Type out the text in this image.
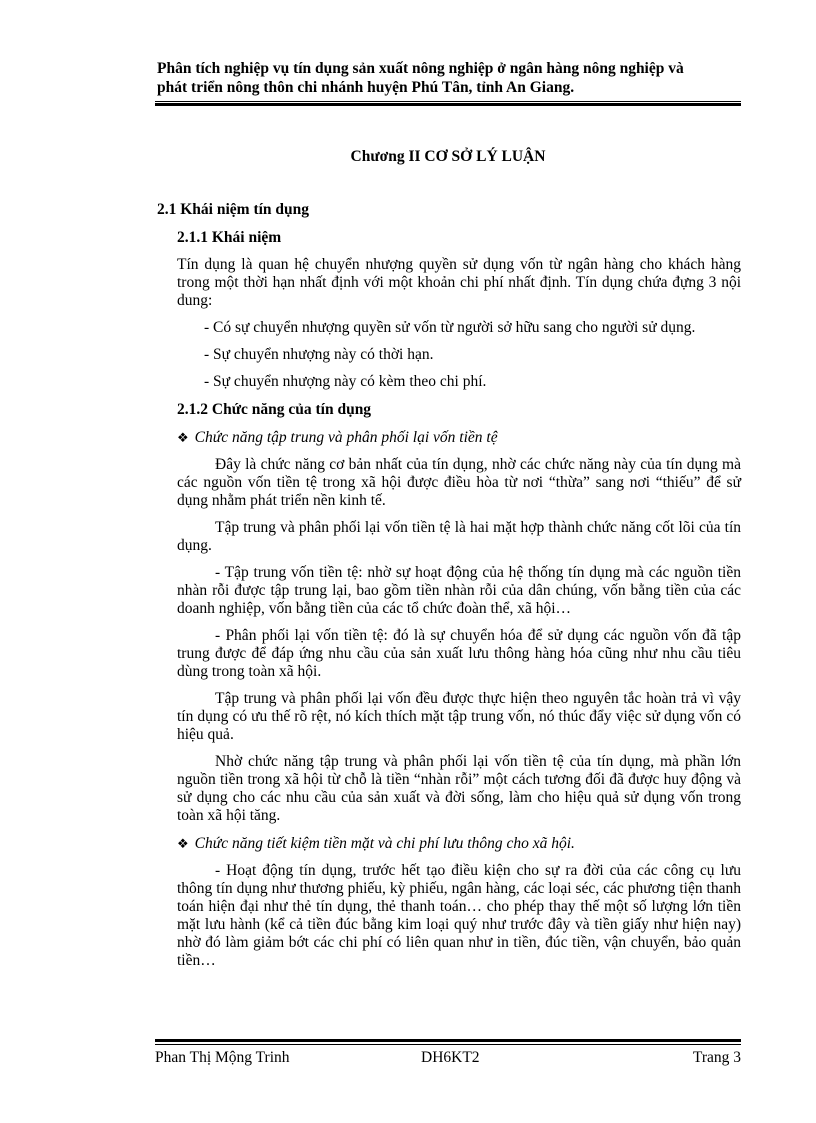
Phân tích nghiệp vụ tín dụng sản xuất nông nghiệp ở ngân hàng nông nghiệp và
phát triển nông thôn chi nhánh huyện Phú Tân, tỉnh An Giang.
Chương II CƠ SỞ LÝ LUẬN
2.1 Khái niệm tín dụng
2.1.1 Khái niệm
Tín dụng là quan hệ chuyển nhượng quyền sử dụng vốn từ ngân hàng cho khách hàng trong một thời hạn nhất định với một khoản chi phí nhất định. Tín dụng chứa đựng 3 nội dung:
- Có sự chuyển nhượng quyền sử vốn từ người sở hữu sang cho người sử dụng.
- Sự chuyển nhượng này có thời hạn.
- Sự chuyển nhượng này có kèm theo chi phí.
2.1.2 Chức năng của tín dụng
❖ Chức năng tập trung và phân phối lại vốn tiền tệ
Đây là chức năng cơ bản nhất của tín dụng, nhờ các chức năng này của tín dụng mà các nguồn vốn tiền tệ trong xã hội được điều hòa từ nơi “thừa” sang nơi “thiếu” để sử dụng nhằm phát triển nền kinh tế.
Tập trung và phân phối lại vốn tiền tệ là hai mặt hợp thành chức năng cốt lõi của tín dụng.
- Tập trung vốn tiền tệ: nhờ sự hoạt động của hệ thống tín dụng mà các nguồn tiền nhàn rỗi được tập trung lại, bao gồm tiền nhàn rỗi của dân chúng, vốn bằng tiền của các doanh nghiệp, vốn bằng tiền của các tổ chức đoàn thể, xã hội…
- Phân phối lại vốn tiền tệ: đó là sự chuyển hóa để sử dụng các nguồn vốn đã tập trung được để đáp ứng nhu cầu của sản xuất lưu thông hàng hóa cũng như nhu cầu tiêu dùng trong toàn xã hội.
Tập trung và phân phối lại vốn đều được thực hiện theo nguyên tắc hoàn trả vì vậy tín dụng có ưu thế rõ rệt, nó kích thích mặt tập trung vốn, nó thúc đẩy việc sử dụng vốn có hiệu quả.
Nhờ chức năng tập trung và phân phối lại vốn tiền tệ của tín dụng, mà phần lớn nguồn tiền trong xã hội từ chỗ là tiền “nhàn rỗi” một cách tương đối đã được huy động và sử dụng cho các nhu cầu của sản xuất và đời sống, làm cho hiệu quả sử dụng vốn trong toàn xã hội tăng.
❖ Chức năng tiết kiệm tiền mặt và chi phí lưu thông cho xã hội.
- Hoạt động tín dụng, trước hết tạo điều kiện cho sự ra đời của các công cụ lưu thông tín dụng như thương phiếu, kỳ phiếu, ngân hàng, các loại séc, các phương tiện thanh toán hiện đại như thẻ tín dụng, thẻ thanh toán… cho phép thay thế một số lượng lớn tiền mặt lưu hành (kể cả tiền đúc bằng kim loại quý như trước đây và tiền giấy như hiện nay) nhờ đó làm giảm bớt các chi phí có liên quan như in tiền, đúc tiền, vận chuyển, bảo quản tiền…
Phan Thị Mộng Trinh	DH6KT2	Trang 3
